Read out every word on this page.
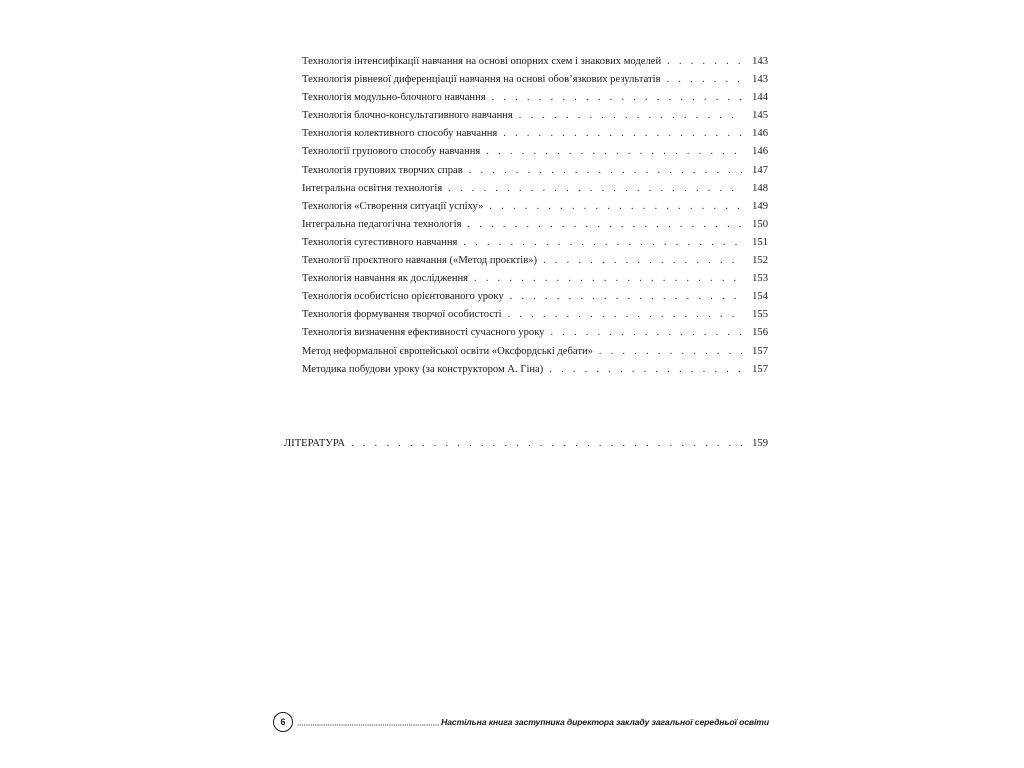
Технологія інтенсифікації навчання на основі опорних схем і знакових моделей . . .	143
Технологія рівневої диференціації навчання на основі обов’язкових результатів . . .	143
Технологія модульно-блочного навчання . . .	144
Технологія блочно-консультативного навчання . . .	145
Технологія колективного способу навчання . . .	146
Технології групового способу навчання . . .	146
Технологія групових творчих справ . . .	147
Інтегральна освітня технологія . . .	148
Технологія «Створення ситуації успіху» . . .	149
Інтегральна педагогічна технологія . . .	150
Технологія сугестивного навчання . . .	151
Технології проєктного навчання («Метод проєктів») . . .	152
Технологія навчання як дослідження . . .	153
Технологія особистісно орієнтованого уроку . . .	154
Технологія формування творчої особистості . . .	155
Технологія визначення ефективності сучасного уроку . . .	156
Метод неформальної європейської освіти «Оксфордські дебати» . . .	157
Методика побудови уроку (за конструктором А. Гіна) . . .	157
ЛІТЕРАТУРА . . .	159
6	Настільна книга заступника директора закладу загальної середньої освіти
